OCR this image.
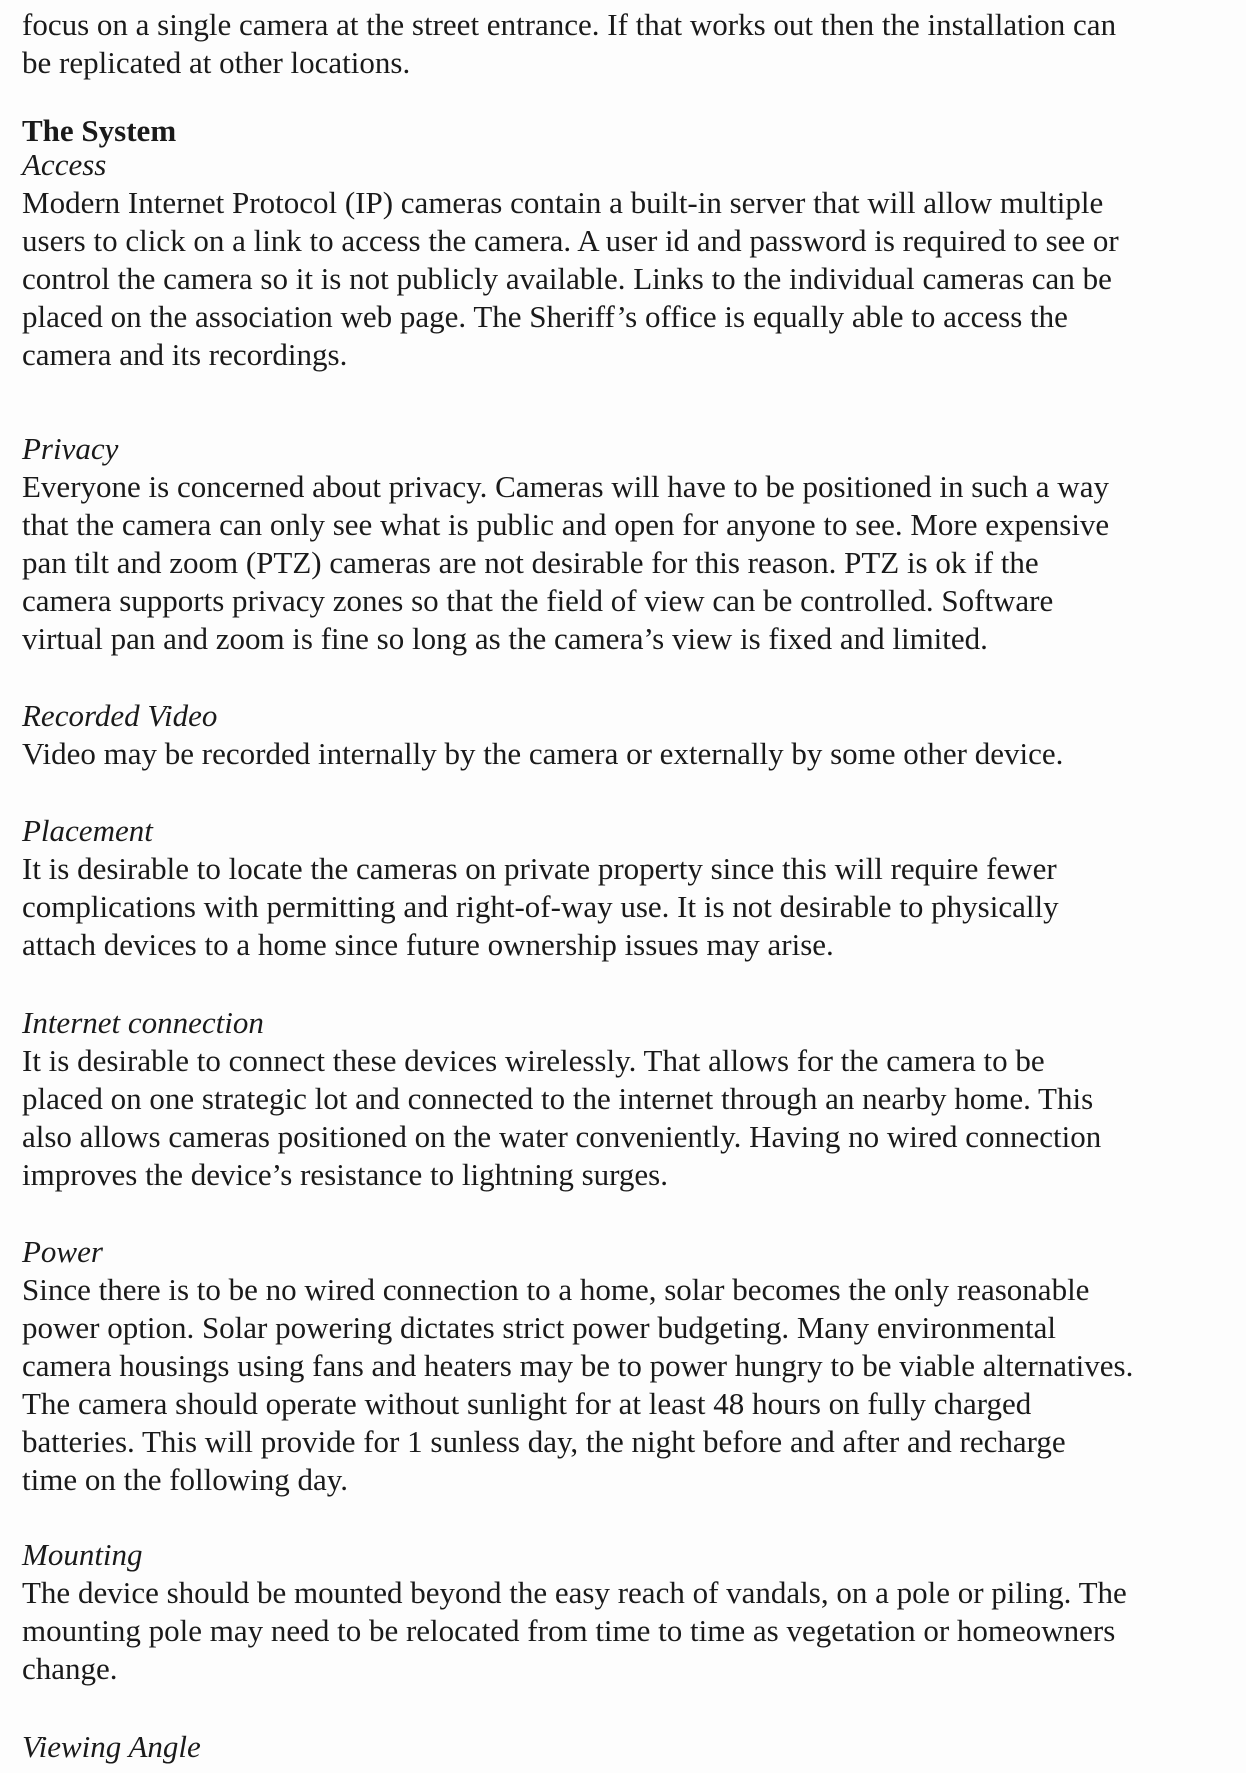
focus on a single camera at the street entrance. If that works out then the installation can
be replicated at other locations.
The System
Access
Modern Internet Protocol (IP) cameras contain a built-in server that will allow multiple
users to click on a link to access the camera. A user id and password is required to see or
control the camera so it is not publicly available. Links to the individual cameras can be
placed on the association web page. The Sheriff’s office is equally able to access the
camera and its recordings.
Privacy
Everyone is concerned about privacy. Cameras will have to be positioned in such a way
that the camera can only see what is public and open for anyone to see. More expensive
pan tilt and zoom (PTZ) cameras are not desirable for this reason. PTZ is ok if the
camera supports privacy zones so that the field of view can be controlled. Software
virtual pan and zoom is fine so long as the camera’s view is fixed and limited.
Recorded Video
Video may be recorded internally by the camera or externally by some other device.
Placement
It is desirable to locate the cameras on private property since this will require fewer
complications with permitting and right-of-way use. It is not desirable to physically
attach devices to a home since future ownership issues may arise.
Internet connection
It is desirable to connect these devices wirelessly. That allows for the camera to be
placed on one strategic lot and connected to the internet through an nearby home. This
also allows cameras positioned on the water conveniently. Having no wired connection
improves the device’s resistance to lightning surges.
Power
Since there is to be no wired connection to a home, solar becomes the only reasonable
power option. Solar powering dictates strict power budgeting. Many environmental
camera housings using fans and heaters may be to power hungry to be viable alternatives.
The camera should operate without sunlight for at least 48 hours on fully charged
batteries. This will provide for 1 sunless day, the night before and after and recharge
time on the following day.
Mounting
The device should be mounted beyond the easy reach of vandals, on a pole or piling. The
mounting pole may need to be relocated from time to time as vegetation or homeowners
change.
Viewing Angle
